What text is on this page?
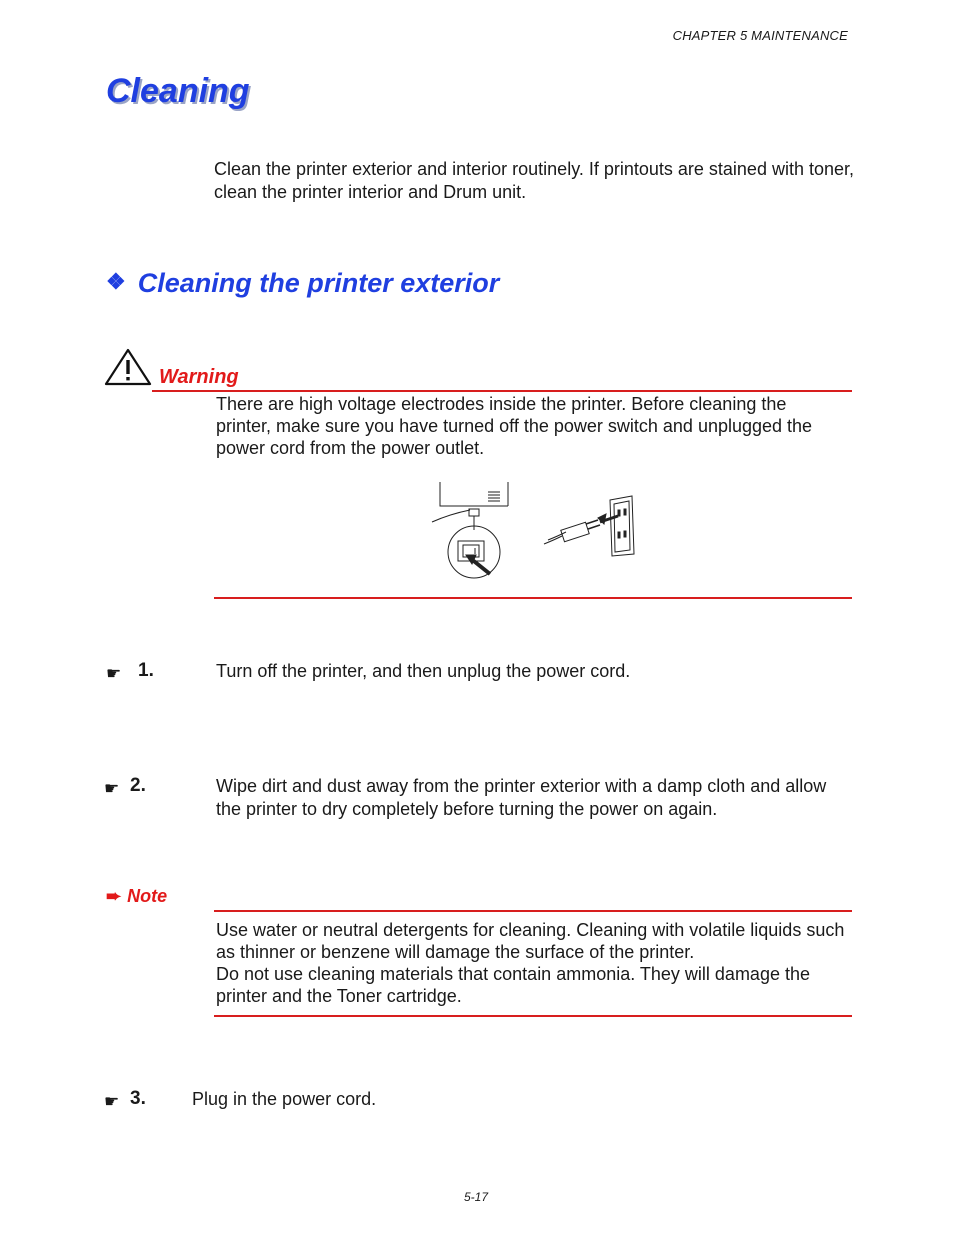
CHAPTER 5 MAINTENANCE
Cleaning
Clean the printer exterior and interior routinely. If printouts are stained with toner, clean the printer interior and Drum unit.
❖ Cleaning the printer exterior
Warning
There are high voltage electrodes inside the printer. Before cleaning the printer, make sure you have turned off the power switch and unplugged the power cord from the power outlet.
☛ 1.	Turn off the printer, and then unplug the power cord.
☛ 2.	Wipe dirt and dust away from the printer exterior with a damp cloth and allow the printer to dry completely before turning the power on again.
➨ Note
Use water or neutral detergents for cleaning. Cleaning with volatile liquids such as thinner or benzene will damage the surface of the printer.
Do not use cleaning materials that contain ammonia. They will damage the printer and the Toner cartridge.
☛ 3.	Plug in the power cord.
5-17
